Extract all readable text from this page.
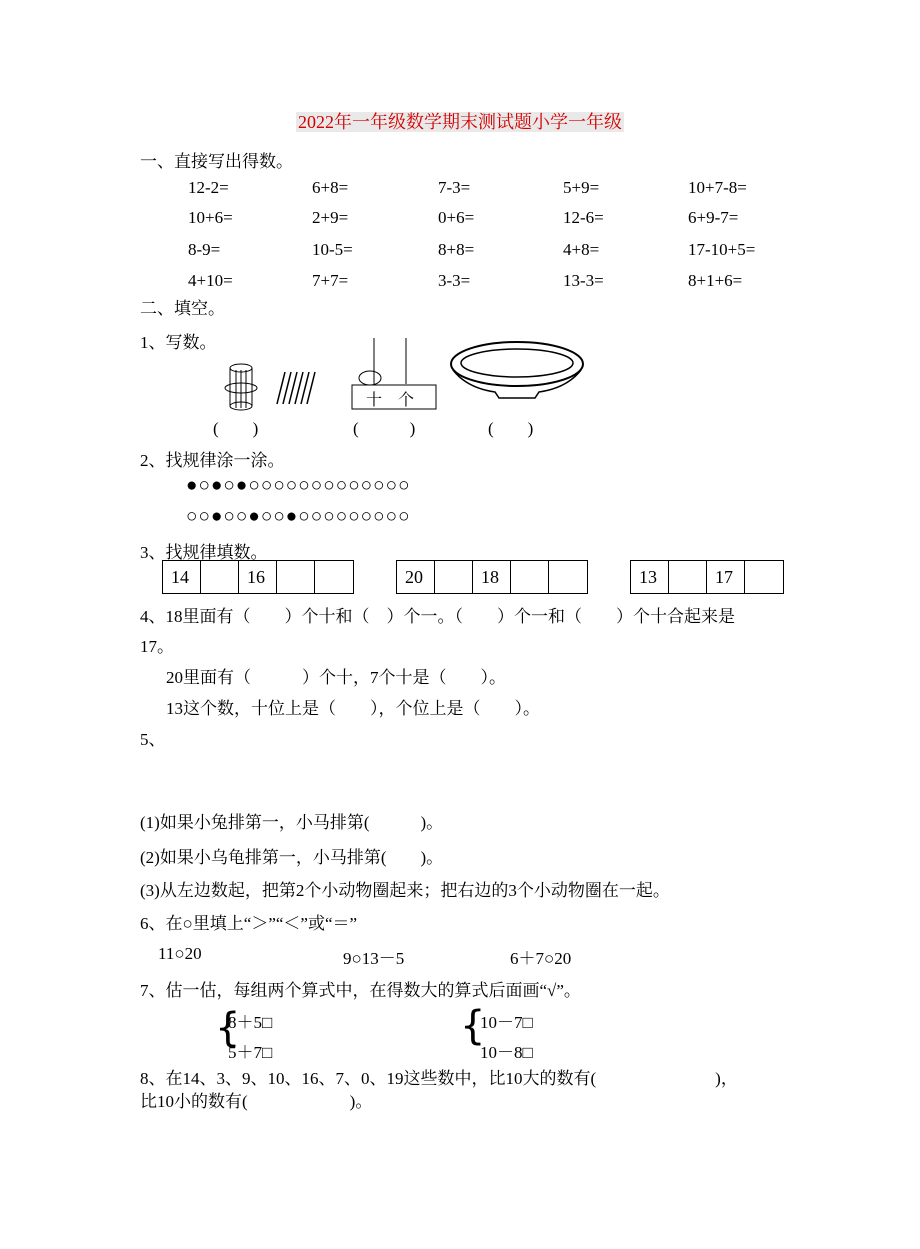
2022年一年级数学期末测试题小学一年级
一、直接写出得数。
12-2=	6+8=	7-3=	5+9=	10+7-8=
10+6=	2+9=	0+6=	12-6=	6+9-7=
8-9=	10-5=	8+8=	4+8=	17-10+5=
4+10=	7+7=	3-3=	13-3=	8+1+6=
二、填空。
1、写数。
十　个
(　　)	(　　　)	(　　)
2、找规律涂一涂。
●○●○●○○○○○○○○○○○○○
○○●○○●○○●○○○○○○○○○
3、找规律填数。
14	16	20	18	13	17
4、18里面有（　　）个十和（　）个一。（　　）个一和（　　）个十合起来是
17。
20里面有（　　　）个十，7个十是（　　）。
13这个数，十位上是（　　），个位上是（　　）。
5、
(1)如果小兔排第一，小马排第(　　　)。
(2)如果小乌龟排第一，小马排第(　　)。
(3)从左边数起，把第2个小动物圈起来；把右边的3个小动物圈在一起。
6、在○里填上“＞”“＜”或“＝”
11○20	9○13－5	6＋7○20
7、估一估，每组两个算式中，在得数大的算式后面画“√”。
{
8＋5□
5＋7□
{
10－7□
10－8□
8、在14、3、9、10、16、7、0、19这些数中，比10大的数有(　　　　　　　)，
比10小的数有(　　　　　　)。
